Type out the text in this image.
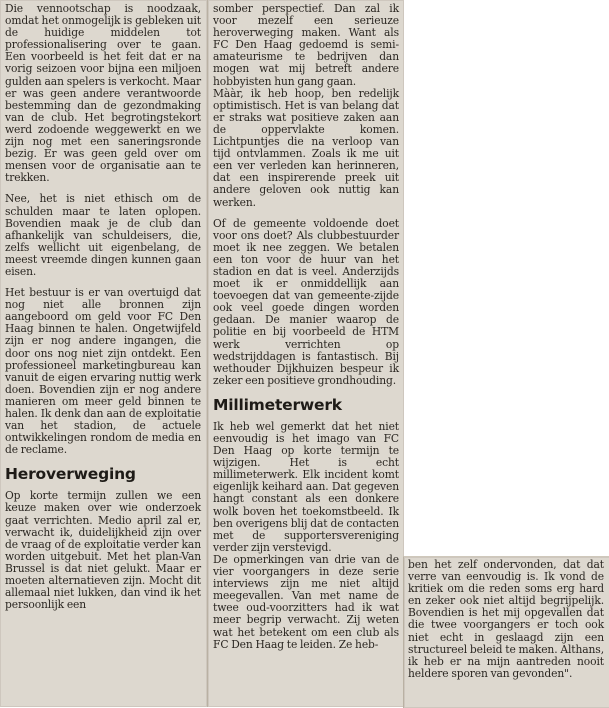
Die vennootschap is noodzaak, omdat het onmogelijk is gebleken uit de huidige middelen tot professionalisering over te gaan. Een voorbeeld is het feit dat er na vorig seizoen voor bijna een miljoen gulden aan spelers is verkocht. Maar er was geen andere verantwoorde bestemming dan de gezondmaking van de club. Het begrotingstekort werd zodoende weggewerkt en we zijn nog met een saneringsronde bezig. Er was geen geld over om mensen voor de organisatie aan te trekken.

Nee, het is niet ethisch om de schulden maar te laten oplopen. Bovendien maak je de club dan afhankelijk van schuldeisers, die, zelfs wellicht uit eigenbelang, de meest vreemde dingen kunnen gaan eisen.

Het bestuur is er van overtuigd dat nog niet alle bronnen zijn aangeboord om geld voor FC Den Haag binnen te halen. Ongetwijfeld zijn er nog andere ingangen, die door ons nog niet zijn ontdekt. Een professioneel marketingbureau kan vanuit de eigen ervaring nuttig werk doen. Bovendien zijn er nog andere manieren om meer geld binnen te halen. Ik denk dan aan de exploitatie van het stadion, de actuele ontwikkelingen rondom de media en de reclame.

Heroverweging

Op korte termijn zullen we een keuze maken over wie onderzoek gaat verrichten. Medio april zal er, verwacht ik, duidelijkheid zijn over de vraag of de exploitatie verder kan worden uitgebuit. Met het plan-Van Brussel is dat niet gelukt. Maar er moeten alternatieven zijn. Mocht dit allemaal niet lukken, dan vind ik het persoonlijk een

somber perspectief. Dan zal ik voor mezelf een serieuze heroverweging maken. Want als FC Den Haag gedoemd is semi-amateurisme te bedrijven dan mogen wat mij betreft andere hobbyisten hun gang gaan.

Mààr, ik heb hoop, ben redelijk optimistisch. Het is van belang dat er straks wat positieve zaken aan de oppervlakte komen. Lichtpuntjes die na verloop van tijd ontvlammen. Zoals ik me uit een ver verleden kan herinneren, dat een inspirerende preek uit andere geloven ook nuttig kan werken.

Of de gemeente voldoende doet voor ons doet? Als clubbestuurder moet ik nee zeggen. We betalen een ton voor de huur van het stadion en dat is veel. Anderzijds moet ik er onmiddellijk aan toevoegen dat van gemeente-zijde ook veel goede dingen worden gedaan. De manier waarop de politie en bij voorbeeld de HTM werk verrichten op wedstrijddagen is fantastisch. Bij wethouder Dijkhuizen bespeur ik zeker een positieve grondhouding.

Millimeterwerk

Ik heb wel gemerkt dat het niet eenvoudig is het imago van FC Den Haag op korte termijn te wijzigen. Het is echt millimeterwerk. Elk incident komt eigenlijk keihard aan. Dat gegeven hangt constant als een donkere wolk boven het toekomstbeeld. Ik ben overigens blij dat de contacten met de supportersvereniging verder zijn verstevigd.

De opmerkingen van drie van de vier voorgangers in deze serie interviews zijn me niet altijd meegevallen. Van met name de twee oud-voorzitters had ik wat meer begrip verwacht. Zij weten wat het betekent om een club als FC Den Haag te leiden. Ze heb-

ben het zelf ondervonden, dat dat verre van eenvoudig is. Ik vond de kritiek om die reden soms erg hard en zeker ook niet altijd begrijpelijk. Bovendien is het mij opgevallen dat die twee voorgangers er toch ook niet echt in geslaagd zijn een structureel beleid te maken. Althans, ik heb er na mijn aantreden nooit heldere sporen van gevonden".
